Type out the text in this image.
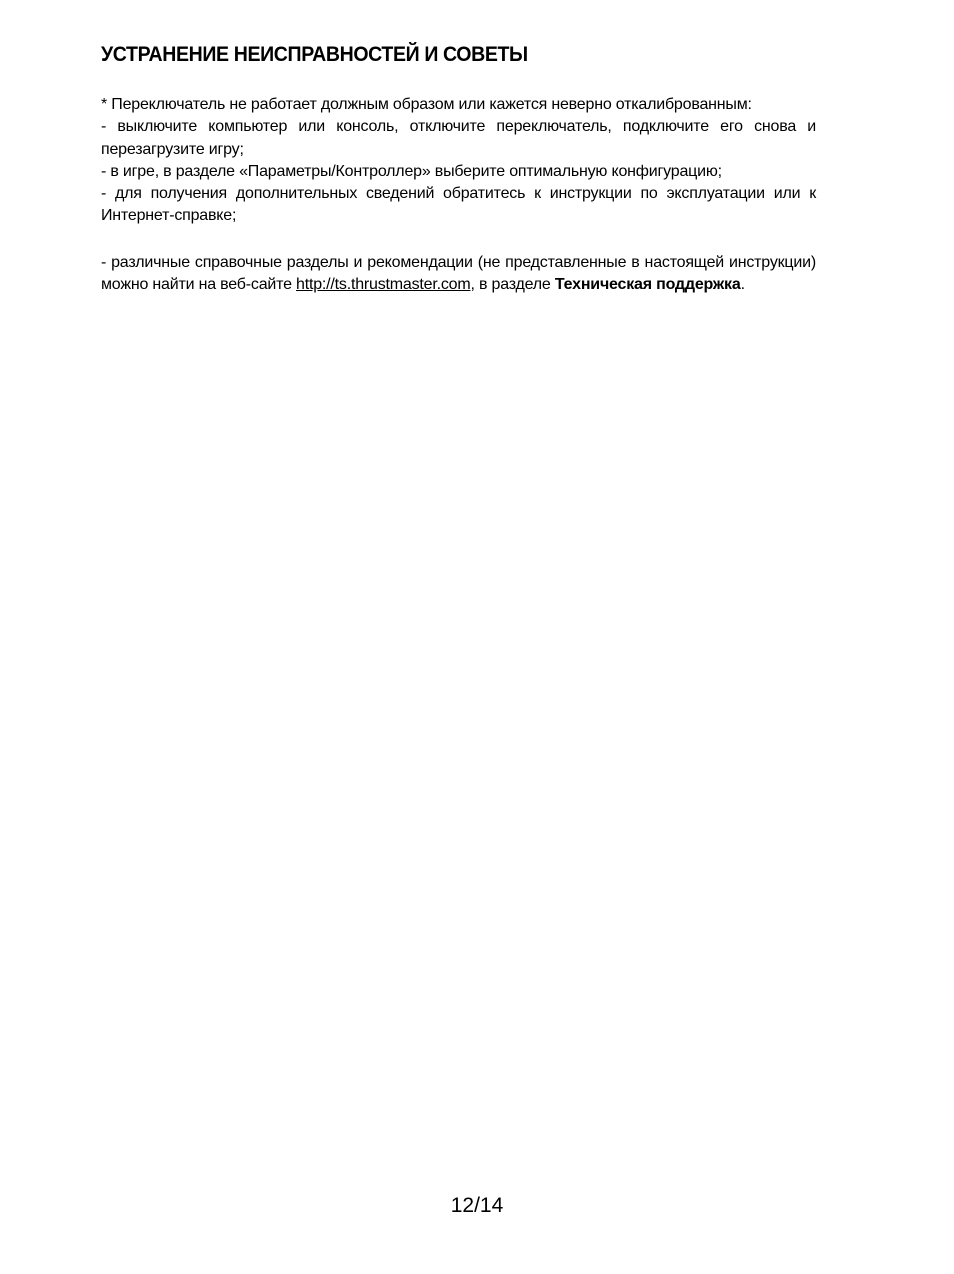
УСТРАНЕНИЕ НЕИСПРАВНОСТЕЙ И СОВЕТЫ

* Переключатель не работает должным образом или кажется неверно откалиброванным:

- выключите компьютер или консоль, отключите переключатель, подключите его снова и перезагрузите игру;

- в игре, в разделе «Параметры/Контроллер» выберите оптимальную конфигурацию;

- для получения дополнительных сведений обратитесь к инструкции по эксплуатации или к Интернет-справке;

- различные справочные разделы и рекомендации (не представленные в настоящей инструкции) можно найти на веб-сайте http://ts.thrustmaster.com, в разделе Техническая поддержка.

12/14
